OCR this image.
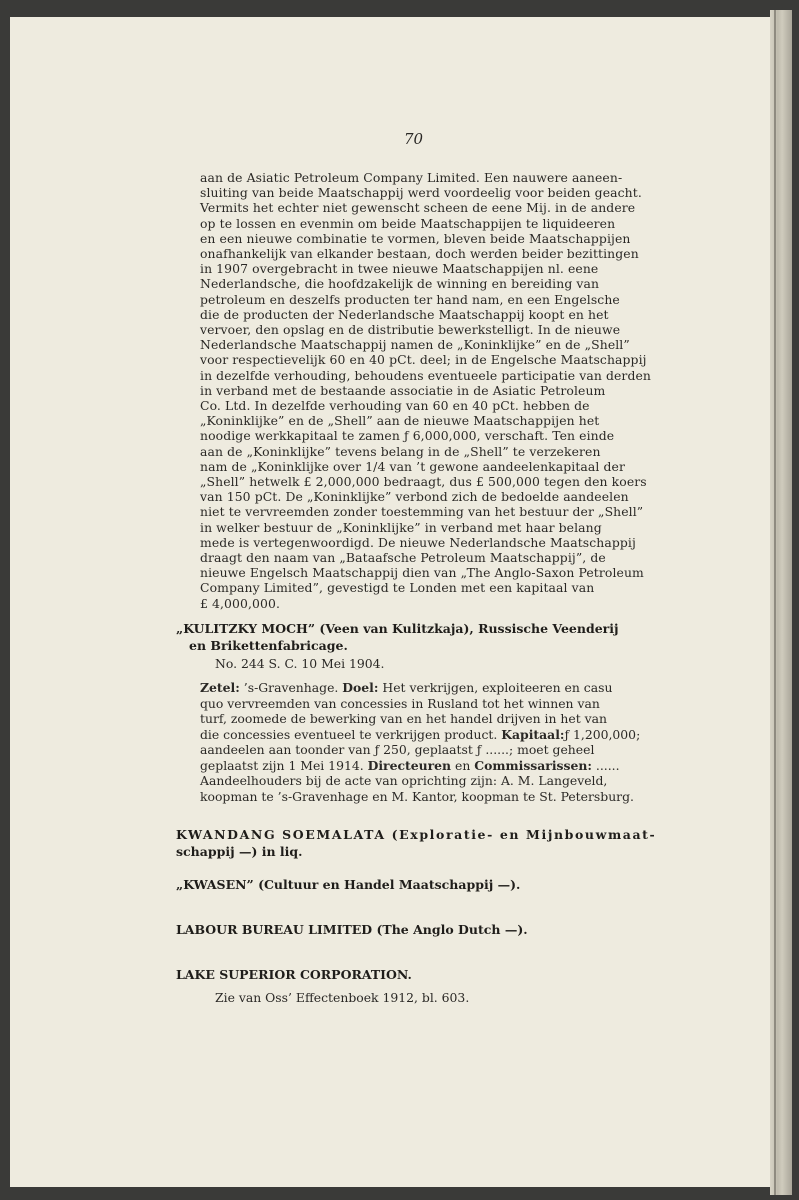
70
aan de Asiatic Petroleum Company Limited. Een nauwere aaneen-
sluiting van beide Maatschappij werd voordeelig voor beiden geacht.
Vermits het echter niet gewenscht scheen de eene Mij. in de andere
op te lossen en evenmin om beide Maatschappijen te liquideeren
en een nieuwe combinatie te vormen, bleven beide Maatschappijen
onafhankelijk van elkander bestaan, doch werden beider bezittingen
in 1907 overgebracht in twee nieuwe Maatschappijen nl. eene
Nederlandsche, die hoofdzakelijk de winning en bereiding van
petroleum en deszelfs producten ter hand nam, en een Engelsche
die de producten der Nederlandsche Maatschappij koopt en het
vervoer, den opslag en de distributie bewerkstelligt. In de nieuwe
Nederlandsche Maatschappij namen de „Koninklijke” en de „Shell”
voor respectievelijk 60 en 40 pCt. deel; in de Engelsche Maatschappij
in dezelfde verhouding, behoudens eventueele participatie van derden
in verband met de bestaande associatie in de Asiatic Petroleum
Co. Ltd. In dezelfde verhouding van 60 en 40 pCt. hebben de
„Koninklijke” en de „Shell” aan de nieuwe Maatschappijen het
noodige werkkapitaal te zamen ƒ 6,000,000, verschaft. Ten einde
aan de „Koninklijke” tevens belang in de „Shell” te verzekeren
nam de „Koninklijke over 1/4 van ’t gewone aandeelenkapitaal der
„Shell” hetwelk £ 2,000,000 bedraagt, dus £ 500,000 tegen den koers
van 150 pCt. De „Koninklijke” verbond zich de bedoelde aandeelen
niet te vervreemden zonder toestemming van het bestuur der „Shell”
in welker bestuur de „Koninklijke” in verband met haar belang
mede is vertegenwoordigd. De nieuwe Nederlandsche Maatschappij
draagt den naam van „Bataafsche Petroleum Maatschappij”, de
nieuwe Engelsch Maatschappij dien van „The Anglo-Saxon Petroleum
Company Limited”, gevestigd te Londen met een kapitaal van
£ 4,000,000.
„KULITZKY MOCH” (Veen van Kulitzkaja), Russische Veenderij
en Brikettenfabricage.
No. 244 S. C. 10 Mei 1904.
Zetel: ’s-Gravenhage. Doel: Het verkrijgen, exploiteeren en casu
quo vervreemden van concessies in Rusland tot het winnen van
turf, zoomede de bewerking van en het handel drijven in het van
die concessies eventueel te verkrijgen product. Kapitaal:ƒ 1,200,000;
aandeelen aan toonder van ƒ 250, geplaatst ƒ ......; moet geheel
geplaatst zijn 1 Mei 1914. Directeuren en Commissarissen: ......
Aandeelhouders bij de acte van oprichting zijn: A. M. Langeveld,
koopman te ’s-Gravenhage en M. Kantor, koopman te St. Petersburg.
KWANDANG SOEMALATA (Exploratie- en Mijnbouwmaat-
schappij —) in liq.
„KWASEN” (Cultuur en Handel Maatschappij —).
LABOUR BUREAU LIMITED (The Anglo Dutch —).
LAKE SUPERIOR CORPORATION.
Zie van Oss’ Effectenboek 1912, bl. 603.
